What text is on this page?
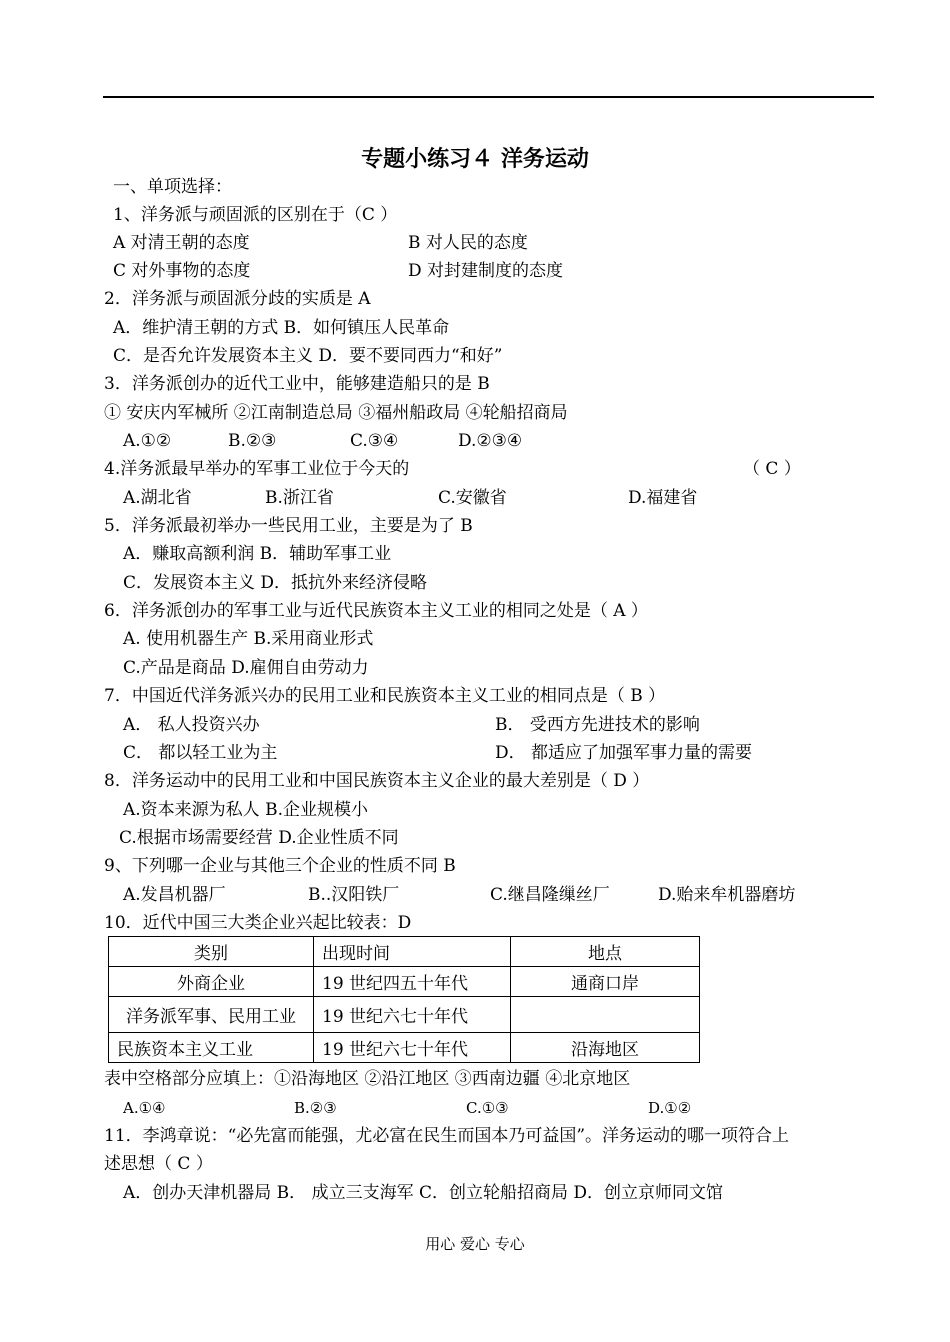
专题小练习４ 洋务运动
一、单项选择：
1、洋务派与顽固派的区别在于（C ）
A 对清王朝的态度	B 对人民的态度
C 对外事物的态度	D 对封建制度的态度
2．洋务派与顽固派分歧的实质是 A
A．维护清王朝的方式 B．如何镇压人民革命
C．是否允许发展资本主义 D．要不要同西力“和好”
3．洋务派创办的近代工业中，能够建造船只的是 B
① 安庆内军械所 ②江南制造总局 ③福州船政局 ④轮船招商局
A.①②	B.②③	C.③④	D.②③④
4.洋务派最早举办的军事工业位于今天的	（ C ）
A.湖北省	B.浙江省	C.安徽省	D.福建省
5．洋务派最初举办一些民用工业，主要是为了 B
A．赚取高额利润 B．辅助军事工业
C．发展资本主义 D．抵抗外来经济侵略
6．洋务派创办的军事工业与近代民族资本主义工业的相同之处是（ A ）
A. 使用机器生产 B.采用商业形式
C.产品是商品 D.雇佣自由劳动力
7．中国近代洋务派兴办的民用工业和民族资本主义工业的相同点是（ B ）
A． 私人投资兴办	B． 受西方先进技术的影响
C． 都以轻工业为主	D． 都适应了加强军事力量的需要
8．洋务运动中的民用工业和中国民族资本主义企业的最大差别是（ D ）
A.资本来源为私人 B.企业规模小
C.根据市场需要经营 D.企业性质不同
9、下列哪一企业与其他三个企业的性质不同 B
A.发昌机器厂	B..汉阳铁厂	C.继昌隆缫丝厂	D.贻来牟机器磨坊
10．近代中国三大类企业兴起比较表：D
类别	出现时间	地点
外商企业	19 世纪四五十年代	通商口岸
洋务派军事、民用工业	19 世纪六七十年代	
民族资本主义工业	19 世纪六七十年代	沿海地区
表中空格部分应填上：①沿海地区 ②沿江地区 ③西南边疆 ④北京地区
A.①④	B.②③	C.①③	D.①②
11．李鸿章说：“必先富而能强，尤必富在民生而国本乃可益国”。洋务运动的哪一项符合上
述思想（ C ）
A．创办天津机器局 B． 成立三支海军 C．创立轮船招商局 D．创立京师同文馆
用心 爱心 专心
